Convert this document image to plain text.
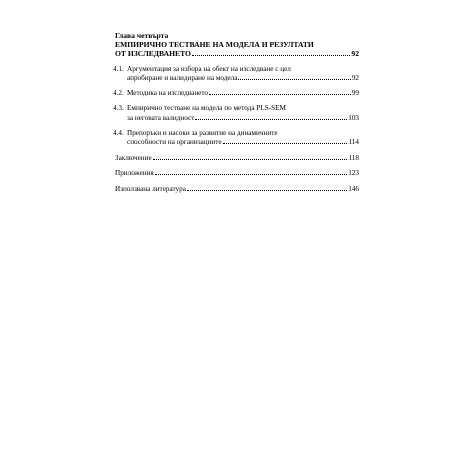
Глава четвърта
ЕМПИРИЧНО ТЕСТВАНЕ НА МОДЕЛА И РЕЗУЛТАТИ
ОТ ИЗСЛЕДВАНЕТО	92
4.1. Аргументация за избора на обект на изследване с цел
апробиране и валидиране на модела	92
4.2. Методика на изследването	99
4.3. Емпирично тестване на модела по метода PLS-SEM
за неговата валидност	103
4.4. Препоръки и насоки за развитие на динамичните
способности на организациите	114
Заключение	118
Приложения	123
Използвана литература	146
